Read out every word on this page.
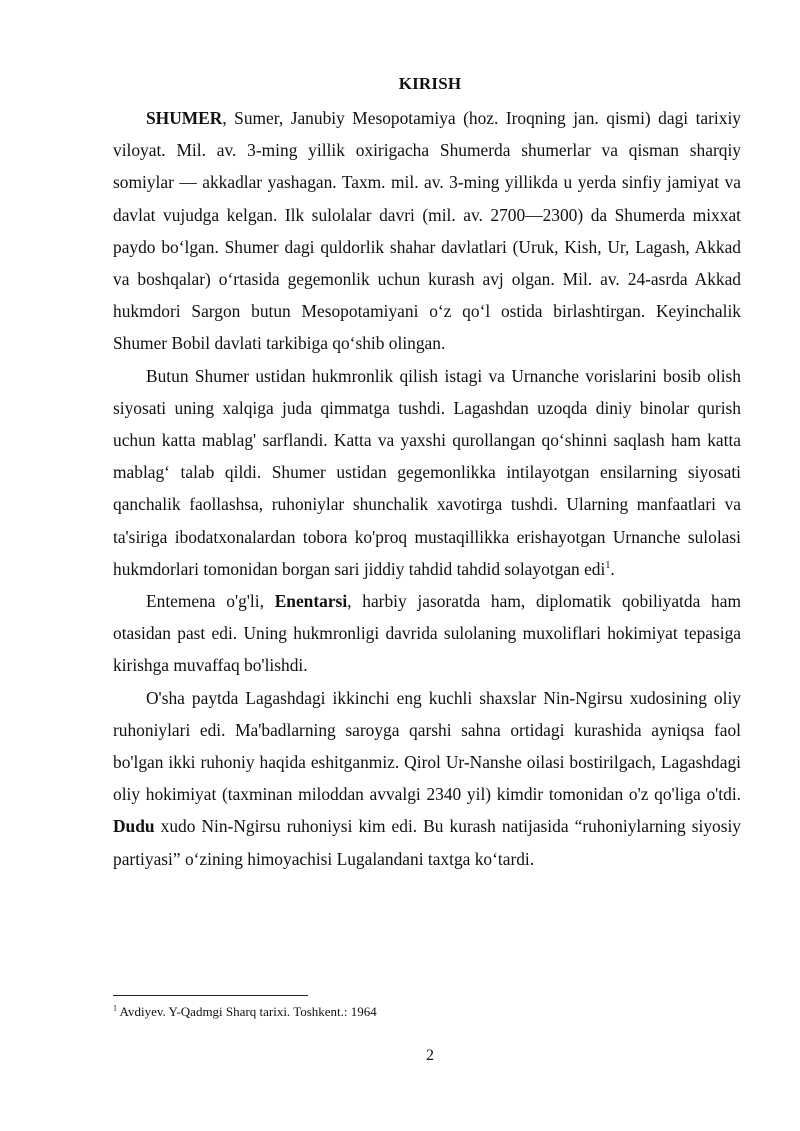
KIRISH

SHUMER, Sumer, Janubiy Mesopotamiya (hoz. Iroqning jan. qismi) dagi tarixiy viloyat. Mil. av. 3-ming yillik oxirigacha Shumerda shumerlar va qisman sharqiy somiylar — akkadlar yashagan. Taxm. mil. av. 3-ming yillikda u yerda sinfiy jamiyat va davlat vujudga kelgan. Ilk sulolalar davri (mil. av. 2700—2300) da Shumerda mixxat paydo bo‘lgan. Shumer dagi quldorlik shahar davlatlari (Uruk, Kish, Ur, Lagash, Akkad va boshqalar) o‘rtasida gegemonlik uchun kurash avj olgan. Mil. av. 24-asrda Akkad hukmdori Sargon butun Mesopotamiyani o‘z qo‘l ostida birlashtirgan. Keyinchalik Shumer Bobil davlati tarkibiga qo‘shib olingan.

Butun Shumer ustidan hukmronlik qilish istagi va Urnanche vorislarini bosib olish siyosati uning xalqiga juda qimmatga tushdi. Lagashdan uzoqda diniy binolar qurish uchun katta mablag' sarflandi. Katta va yaxshi qurollangan qo‘shinni saqlash ham katta mablag‘ talab qildi. Shumer ustidan gegemonlikka intilayotgan ensilarning siyosati qanchalik faollashsa, ruhoniylar shunchalik xavotirga tushdi. Ularning manfaatlari va ta'siriga ibodatxonalardan tobora ko'proq mustaqillikka erishayotgan Urnanche sulolasi hukmdorlari tomonidan borgan sari jiddiy tahdid tahdid solayotgan edi$^1$.

Entemena o'g'li, Enentarsi, harbiy jasoratda ham, diplomatik qobiliyatda ham otasidan past edi. Uning hukmronligi davrida sulolaning muxoliflari hokimiyat tepasiga kirishga muvaffaq bo'lishdi.

O'sha paytda Lagashdagi ikkinchi eng kuchli shaxslar Nin-Ngirsu xudosining oliy ruhoniylari edi. Ma'badlarning saroyga qarshi sahna ortidagi kurashida ayniqsa faol bo'lgan ikki ruhoniy haqida eshitganmiz. Qirol Ur-Nanshe oilasi bostirilgach, Lagashdagi oliy hokimiyat (taxminan miloddan avvalgi 2340 yil) kimdir tomonidan o'z qo'liga o'tdi. Dudu xudo Nin-Ngirsu ruhoniysi kim edi. Bu kurash natijasida “ruhoniylarning siyosiy partiyasi” o‘zining himoyachisi Lugalandani taxtga ko‘tardi.

$^1$ Avdiyev. Y-Qadmgi Sharq tarixi. Toshkent.: 1964
2
